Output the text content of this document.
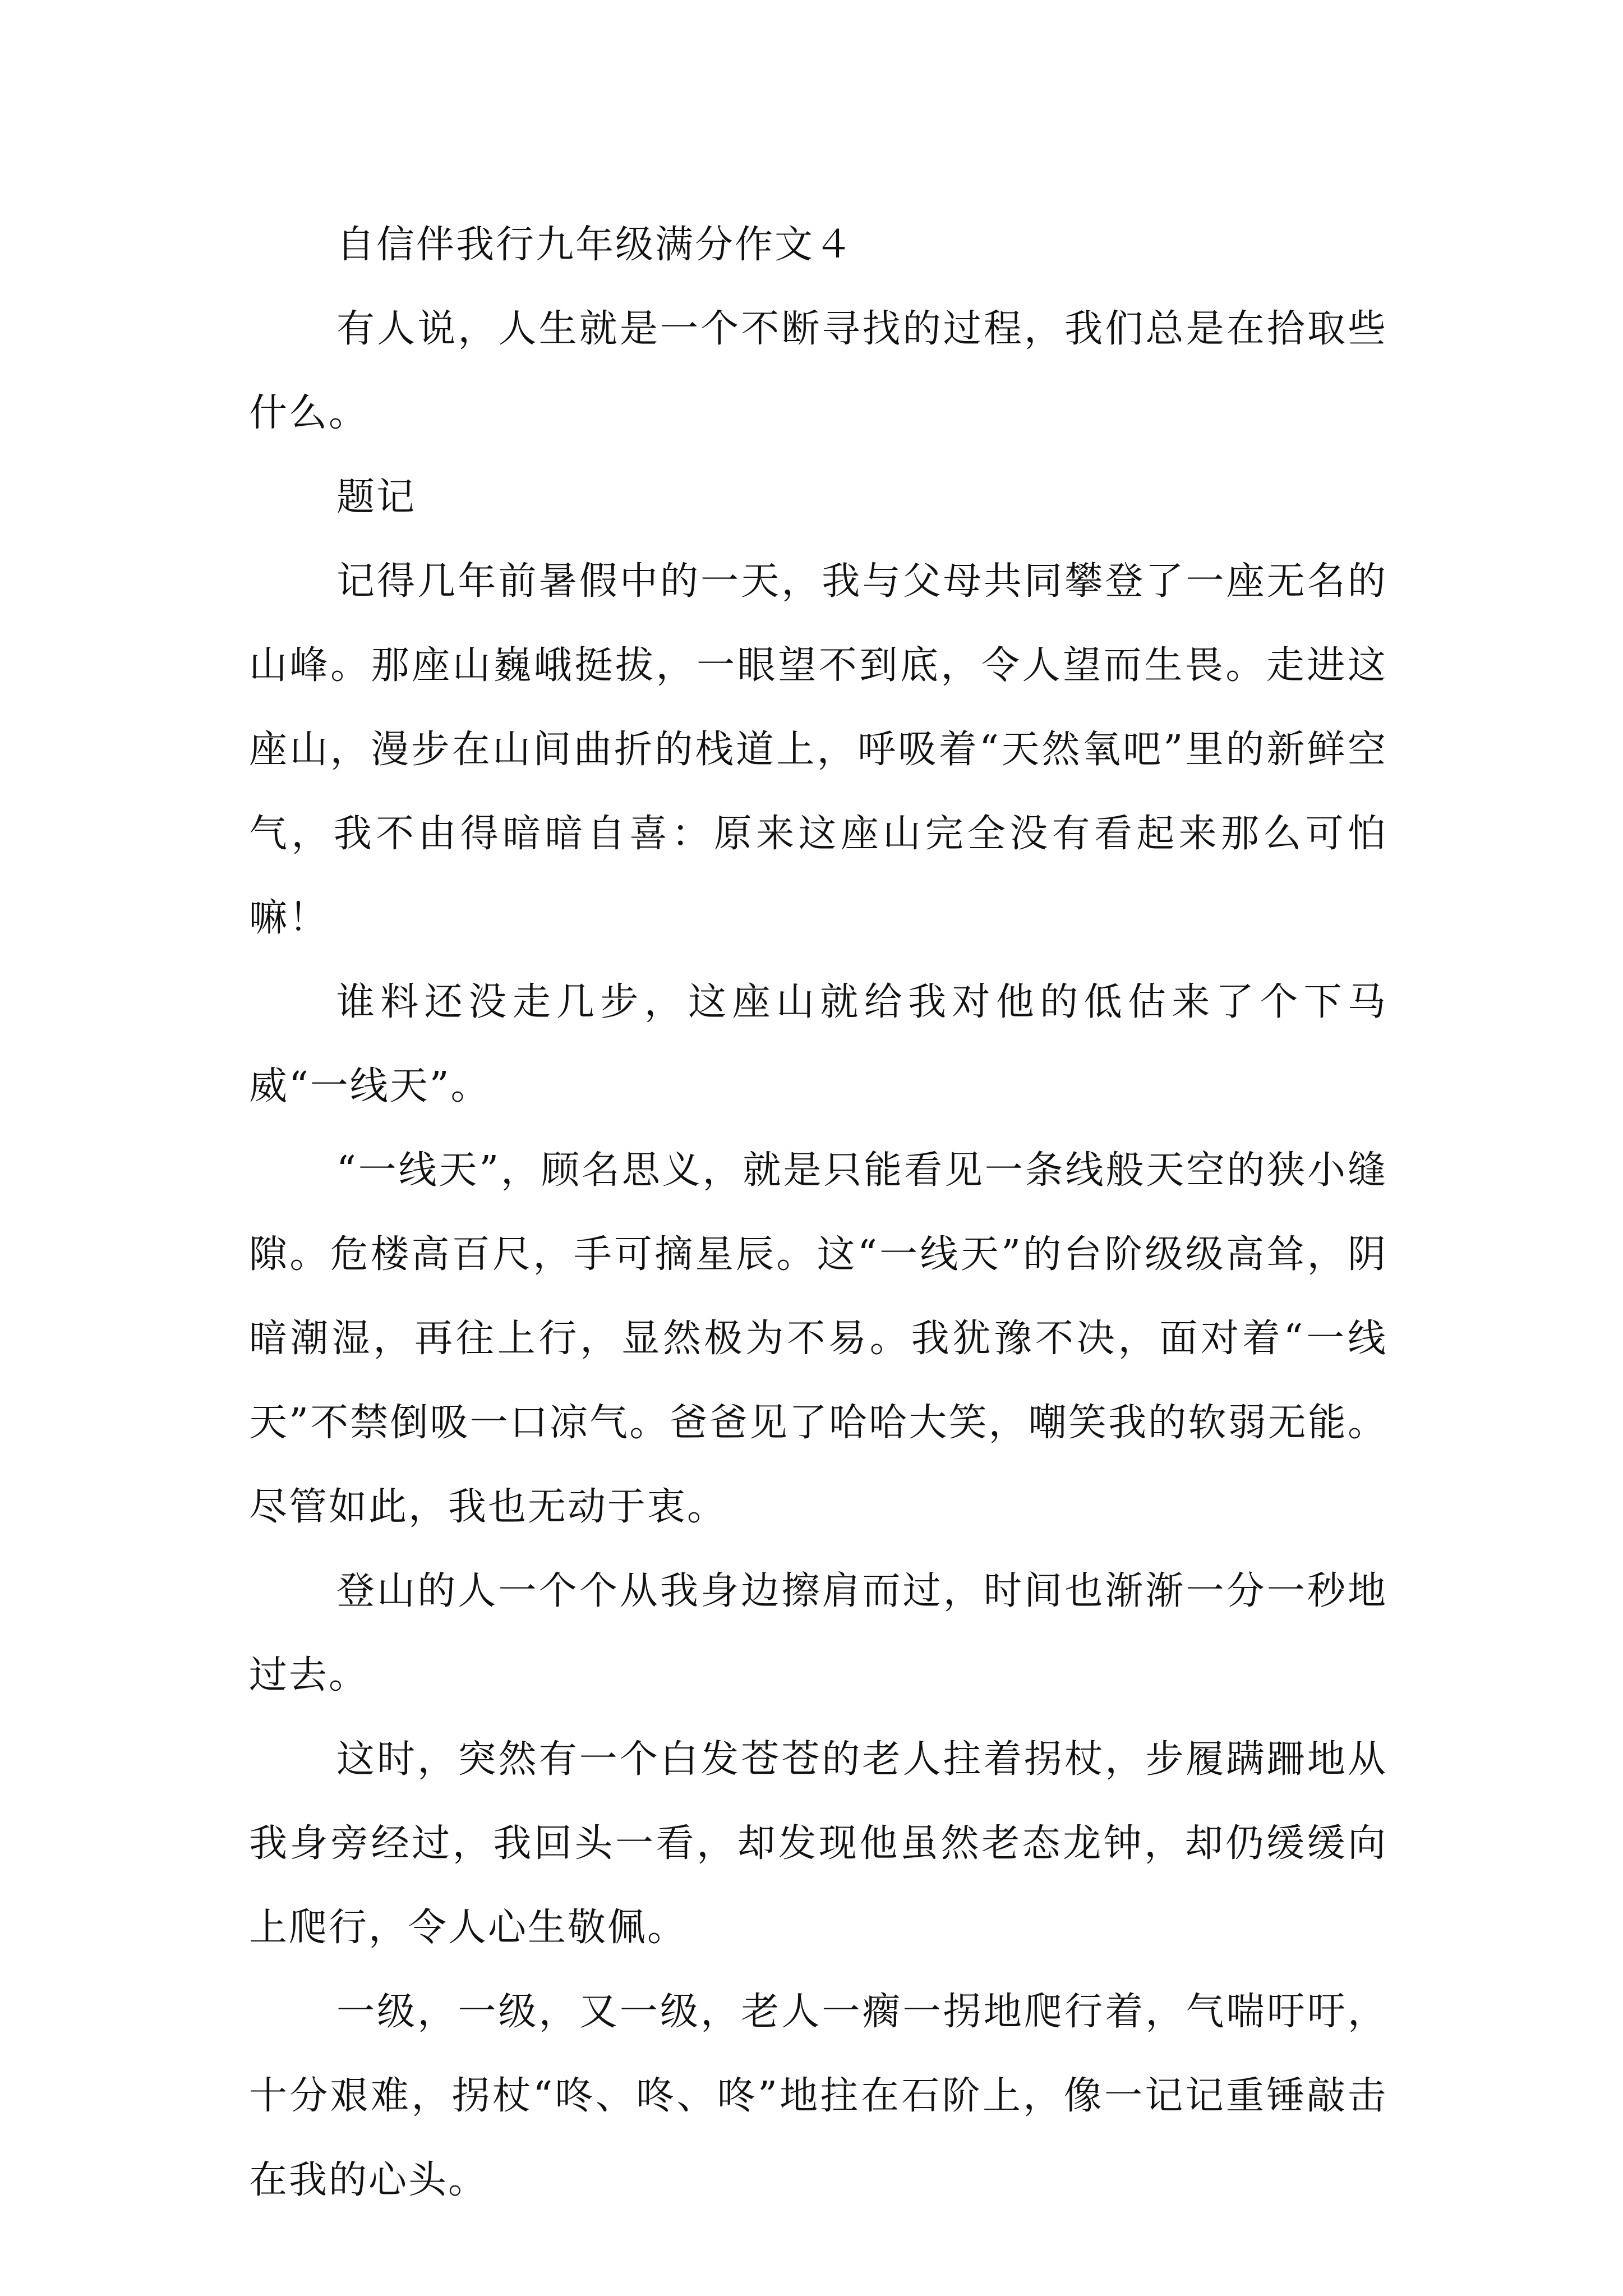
自信伴我行九年级满分作文４

有人说，人生就是一个不断寻找的过程，我们总是在拾取些什么。

题记

记得几年前暑假中的一天，我与父母共同攀登了一座无名的山峰。那座山巍峨挺拔，一眼望不到底，令人望而生畏。走进这座山，漫步在山间曲折的栈道上，呼吸着“天然氧吧”里的新鲜空气，我不由得暗暗自喜：原来这座山完全没有看起来那么可怕嘛！

谁料还没走几步，这座山就给我对他的低估来了个下马威“一线天”。

“一线天”，顾名思义，就是只能看见一条线般天空的狭小缝隙。危楼高百尺，手可摘星辰。这“一线天”的台阶级级高耸，阴暗潮湿，再往上行，显然极为不易。我犹豫不决，面对着“一线天”不禁倒吸一口凉气。爸爸见了哈哈大笑，嘲笑我的软弱无能。尽管如此，我也无动于衷。

登山的人一个个从我身边擦肩而过，时间也渐渐一分一秒地过去。

这时，突然有一个白发苍苍的老人拄着拐杖，步履蹒跚地从我身旁经过，我回头一看，却发现他虽然老态龙钟，却仍缓缓向上爬行，令人心生敬佩。

一级，一级，又一级，老人一瘸一拐地爬行着，气喘吁吁，十分艰难，拐杖“咚、咚、咚”地拄在石阶上，像一记记重锤敲击在我的心头。
